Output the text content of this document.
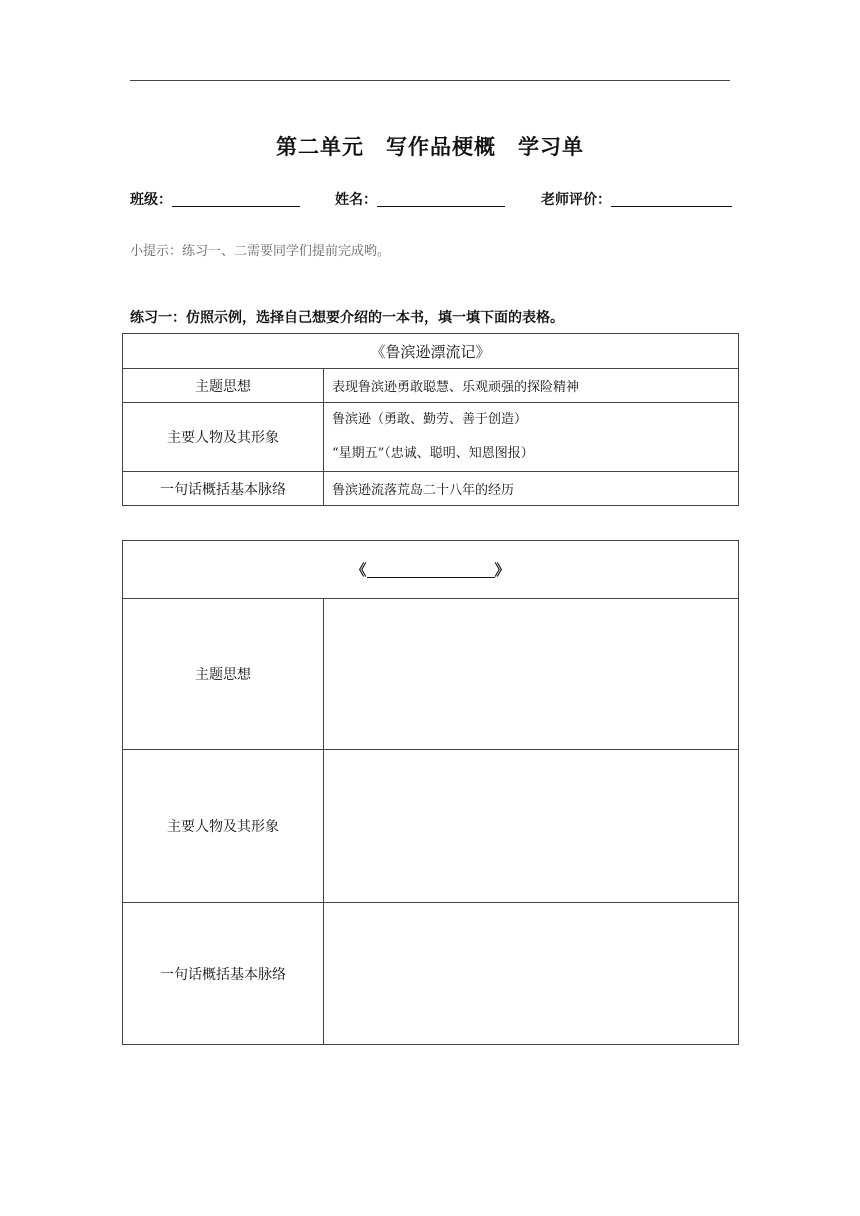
第二单元　写作品梗概　学习单
班级：	姓名：	老师评价：
小提示：练习一、二需要同学们提前完成哟。
练习一：仿照示例，选择自己想要介绍的一本书，填一填下面的表格。
《鲁滨逊漂流记》	
主题思想	表现鲁滨逊勇敢聪慧、乐观顽强的探险精神
主要人物及其形象	鲁滨逊（勇敢、勤劳、善于创造）
“星期五”（忠诚、聪明、知恩图报）

一句话概括基本脉络	鲁滨逊流落荒岛二十八年的经历
《 》	
主题思想	
主要人物及其形象	
一句话概括基本脉络	
